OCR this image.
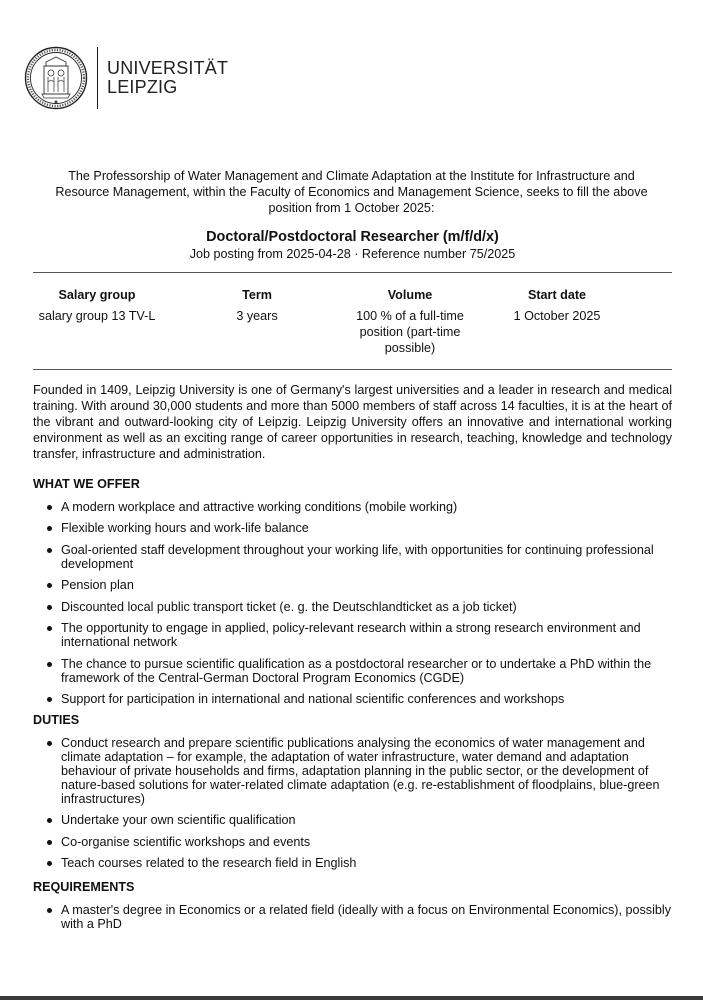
UNIVERSITÄT
LEIPZIG
The Professorship of Water Management and Climate Adaptation at the Institute for Infrastructure and Resource Management, within the Faculty of Economics and Management Science, seeks to fill the above position from 1 October 2025:
Doctoral/Postdoctoral Researcher (m/f/d/x)
Job posting from 2025-04-28 · Reference number 75/2025
Salary group
salary group 13 TV-L
Term
3 years
Volume
100 % of a full-time position (part-time possible)
Start date
1 October 2025
Founded in 1409, Leipzig University is one of Germany's largest universities and a leader in research and medical training. With around 30,000 students and more than 5000 members of staff across 14 faculties, it is at the heart of the vibrant and outward-looking city of Leipzig. Leipzig University offers an innovative and international working environment as well as an exciting range of career opportunities in research, teaching, knowledge and technology transfer, infrastructure and administration.
WHAT WE OFFER
A modern workplace and attractive working conditions (mobile working)
Flexible working hours and work-life balance
Goal-oriented staff development throughout your working life, with opportunities for continuing professional development
Pension plan
Discounted local public transport ticket (e. g. the Deutschlandticket as a job ticket)
The opportunity to engage in applied, policy-relevant research within a strong research environment and international network
The chance to pursue scientific qualification as a postdoctoral researcher or to undertake a PhD within the framework of the Central-German Doctoral Program Economics (CGDE)
Support for participation in international and national scientific conferences and workshops
DUTIES
Conduct research and prepare scientific publications analysing the economics of water management and climate adaptation – for example, the adaptation of water infrastructure, water demand and adaptation behaviour of private households and firms, adaptation planning in the public sector, or the development of nature-based solutions for water-related climate adaptation (e.g. re-establishment of floodplains, blue-green infrastructures)
Undertake your own scientific qualification
Co-organise scientific workshops and events
Teach courses related to the research field in English
REQUIREMENTS
A master's degree in Economics or a related field (ideally with a focus on Environmental Economics), possibly with a PhD
